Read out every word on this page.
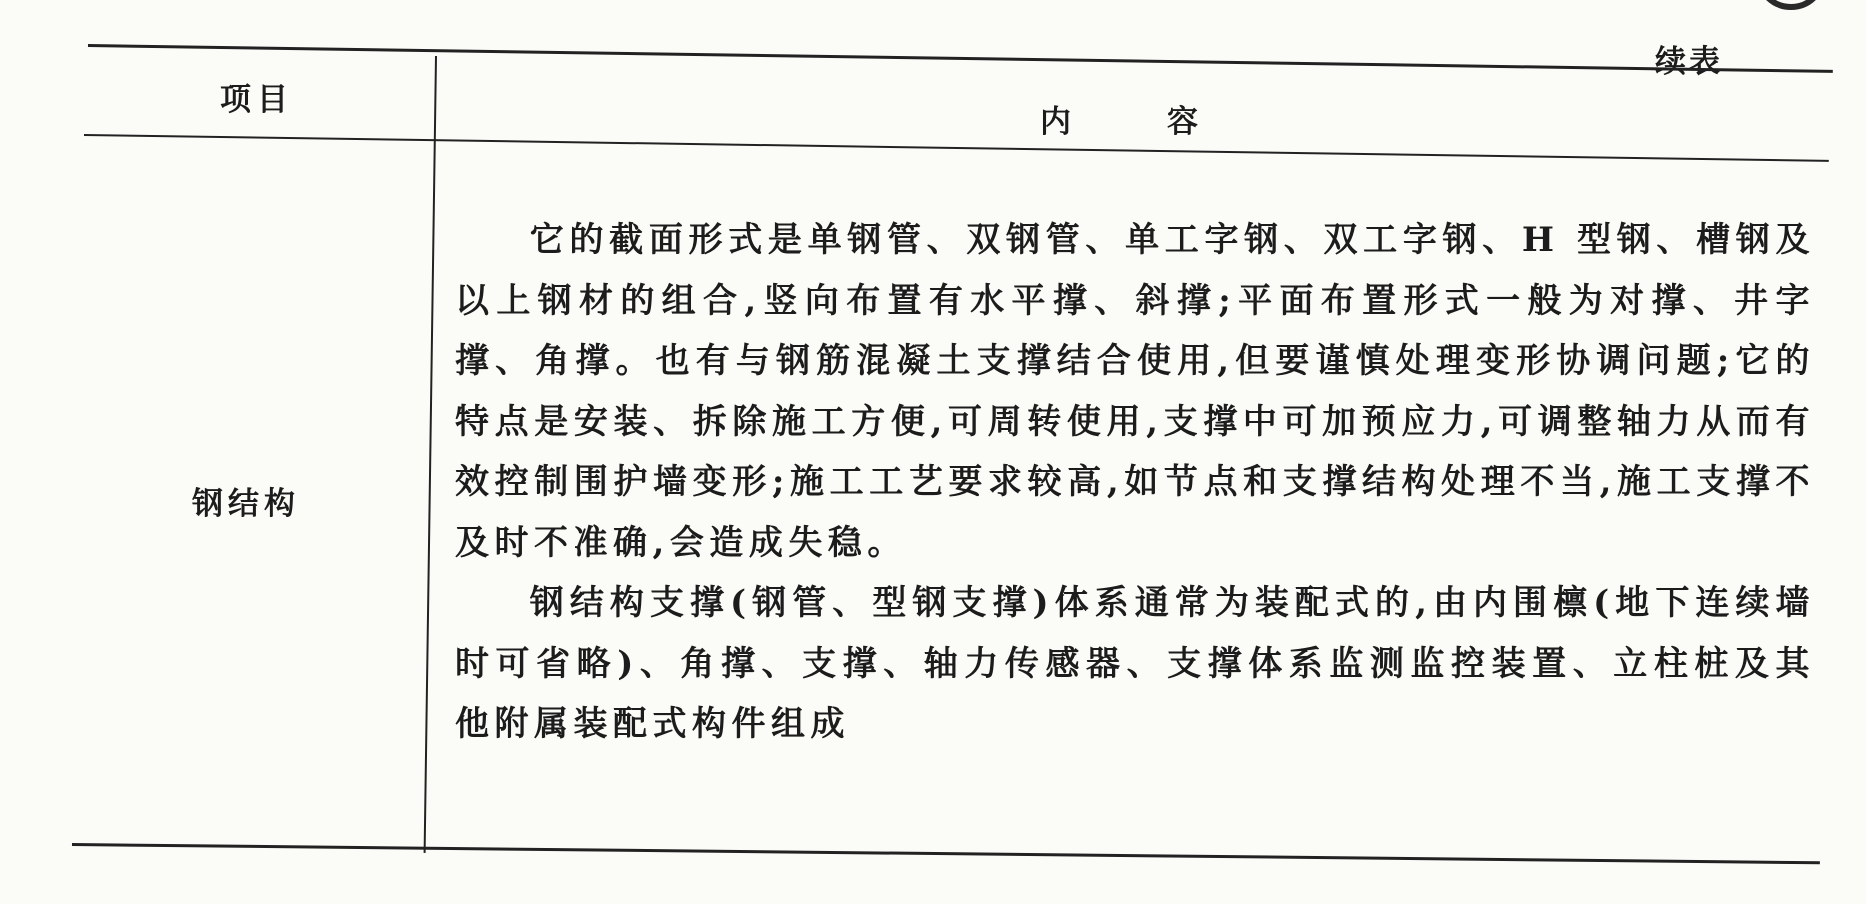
续表
项目
内	容
钢结构

它的截面形式是单钢管、双钢管、单工字钢、双工字钢、H 型钢、槽钢及以上钢材的组合,竖向布置有水平撑、斜撑;平面布置形式一般为对撑、井字撑、角撑。也有与钢筋混凝土支撑结合使用,但要谨慎处理变形协调问题;它的特点是安装、拆除施工方便,可周转使用,支撑中可加预应力,可调整轴力从而有效控制围护墙变形;施工工艺要求较高,如节点和支撑结构处理不当,施工支撑不及时不准确,会造成失稳。

钢结构支撑(钢管、型钢支撑)体系通常为装配式的,由内围檩(地下连续墙时可省略)、角撑、支撑、轴力传感器、支撑体系监测监控装置、立柱桩及其他附属装配式构件组成
